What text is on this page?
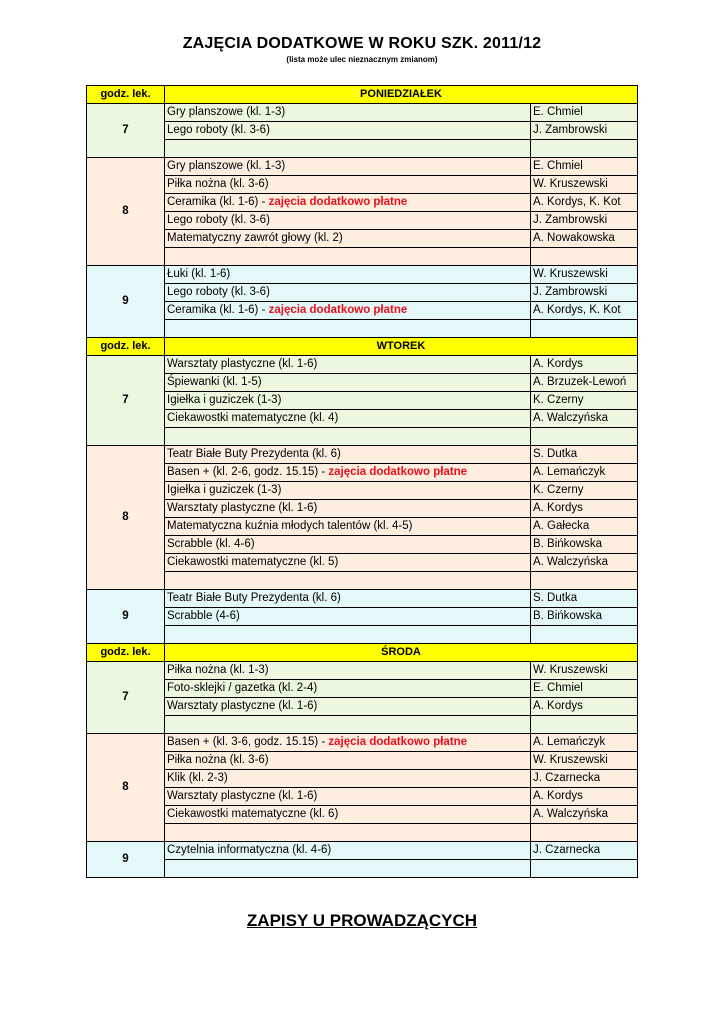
ZAJĘCIA DODATKOWE W ROKU SZK. 2011/12
(lista może ulec nieznacznym zmianom)
godz. lek.	PONIEDZIAŁEK	
7	Gry planszowe (kl. 1-3)	E. Chmiel
	Lego roboty (kl. 3-6)	J. Zambrowski

8	Gry planszowe (kl. 1-3)	E. Chmiel
	Piłka nożna (kl. 3-6)	W. Kruszewski
	Ceramika (kl. 1-6) - zajęcia dodatkowo płatne	A. Kordys, K. Kot
	Lego roboty (kl. 3-6)	J. Zambrowski
	Matematyczny zawrót głowy (kl. 2)	A. Nowakowska

9	Łuki (kl. 1-6)	W. Kruszewski
	Lego roboty (kl. 3-6)	J. Zambrowski
	Ceramika (kl. 1-6) - zajęcia dodatkowo płatne	A. Kordys, K. Kot

godz. lek.	WTOREK	
7	Warsztaty plastyczne (kl. 1-6)	A. Kordys
	Śpiewanki (kl. 1-5)	A. Brzuzek-Lewoń
	Igiełka i guziczek (1-3)	K. Czerny
	Ciekawostki matematyczne (kl. 4)	A. Walczyńska

8	Teatr Białe Buty Prezydenta (kl. 6)	S. Dutka
	Basen + (kl. 2-6, godz. 15.15) - zajęcia dodatkowo płatne	A. Lemańczyk
	Igiełka i guziczek (1-3)	K. Czerny
	Warsztaty plastyczne (kl. 1-6)	A. Kordys
	Matematyczna kuźnia młodych talentów (kl. 4-5)	A. Gałecka
	Scrabble (kl. 4-6)	B. Bińkowska
	Ciekawostki matematyczne (kl. 5)	A. Walczyńska

9	Teatr Białe Buty Prezydenta (kl. 6)	S. Dutka
	Scrabble (4-6)	B. Bińkowska

godz. lek.	ŚRODA	
7	Piłka nożna (kl. 1-3)	W. Kruszewski
	Foto-sklejki / gazetka (kl. 2-4)	E. Chmiel
	Warsztaty plastyczne (kl. 1-6)	A. Kordys

8	Basen + (kl. 3-6, godz. 15.15) - zajęcia dodatkowo płatne	A. Lemańczyk
	Piłka nożna (kl. 3-6)	W. Kruszewski
	Klik (kl. 2-3)	J. Czarnecka
	Warsztaty plastyczne (kl. 1-6)	A. Kordys
	Ciekawostki matematyczne (kl. 6)	A. Walczyńska

9	Czytelnia informatyczna (kl. 4-6)	J. Czarnecka

ZAPISY U PROWADZĄCYCH
